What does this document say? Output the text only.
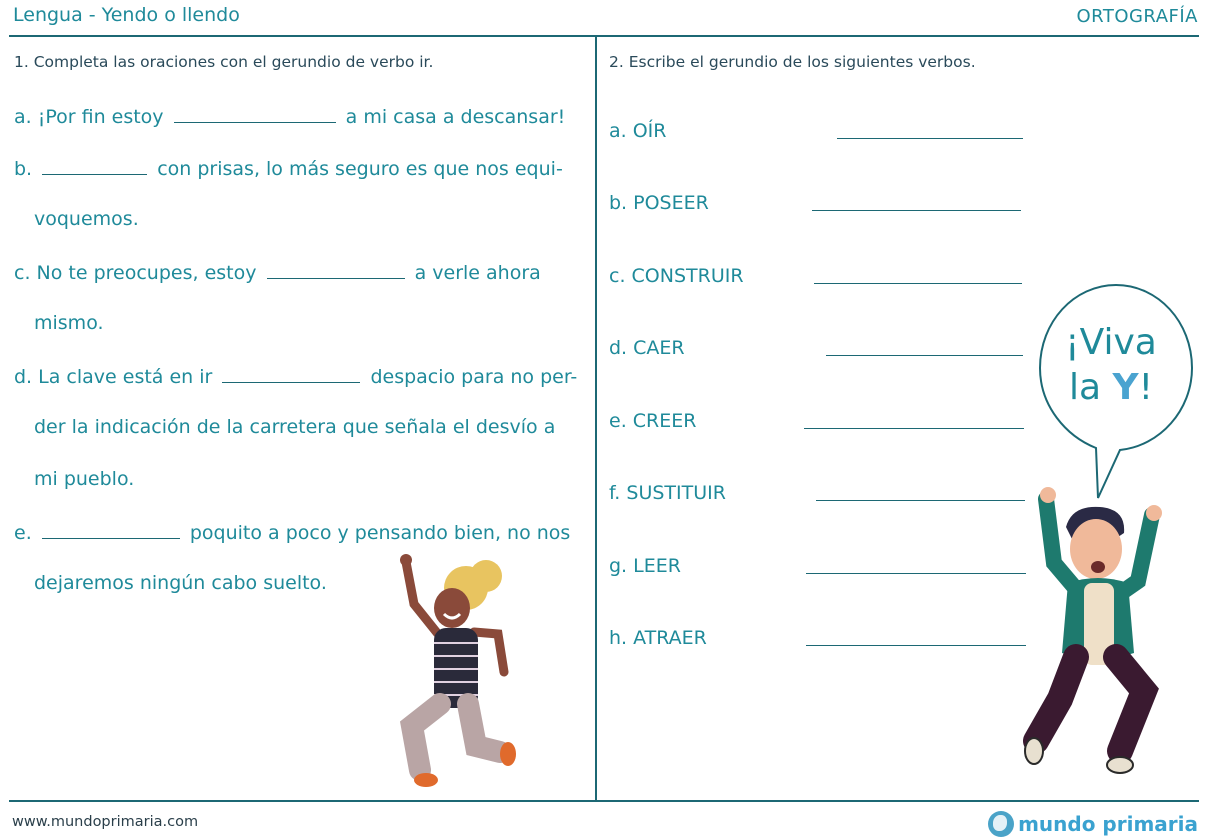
Lengua - Yendo o llendo	ORTOGRAFÍA
1. Completa las oraciones con el gerundio de verbo ir.
a. ¡Por fin estoy	a mi casa a descansar!
b.	con prisas, lo más seguro es que nos equi-
voquemos.
c. No te preocupes, estoy	a verle ahora
mismo.
d. La clave está en ir	despacio para no per-
der la indicación de la carretera que señala el desvío a
mi pueblo.
e.	poquito a poco y pensando bien, no nos
dejaremos ningún cabo suelto.
2. Escribe el gerundio de los siguientes verbos.
a. OÍR
b. POSEER
c. CONSTRUIR
d. CAER
e. CREER
f. SUSTITUIR
g. LEER
h. ATRAER
¡Viva
la Y!
www.mundoprimaria.com	mundo primaria
